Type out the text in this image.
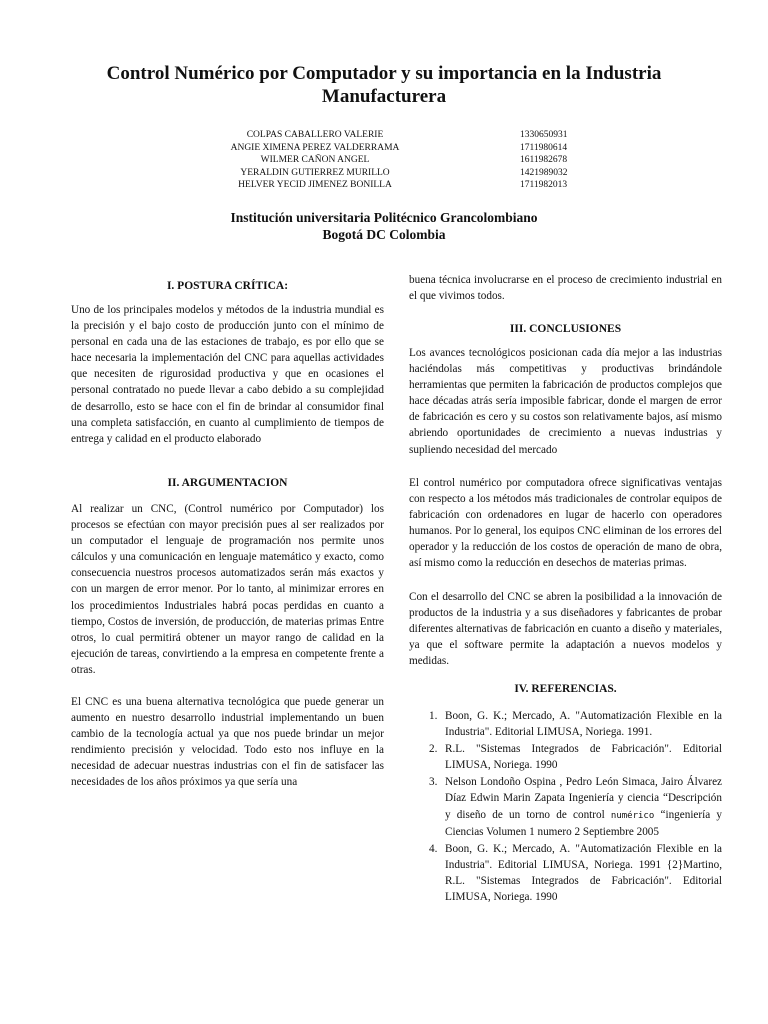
Control Numérico por Computador y su importancia en la Industria Manufacturera
COLPAS CABALLERO VALERIE	1330650931
ANGIE XIMENA PEREZ VALDERRAMA	1711980614
WILMER CAÑON ANGEL	1611982678
YERALDIN GUTIERREZ MURILLO	1421989032
HELVER YECID JIMENEZ BONILLA	1711982013
Institución universitaria Politécnico Grancolombiano
Bogotá DC Colombia
I. POSTURA CRÍTICA:

Uno de los principales modelos y métodos de la industria mundial es la precisión y el bajo costo de producción junto con el mínimo de personal en cada una de las estaciones de trabajo, es por ello que se hace necesaria la implementación del CNC para aquellas actividades que necesiten de rigurosidad productiva y que en ocasiones el personal contratado no puede llevar a cabo debido a su complejidad de desarrollo, esto se hace con el fin de brindar al consumidor final una completa satisfacción, en cuanto al cumplimiento de tiempos de entrega y calidad en el producto elaborado

II. ARGUMENTACION

Al realizar un CNC, (Control numérico por Computador) los procesos se efectúan con mayor precisión pues al ser realizados por un computador el lenguaje de programación nos permite unos cálculos y una comunicación en lenguaje matemático y exacto, como consecuencia nuestros procesos automatizados serán más exactos y con un margen de error menor. Por lo tanto, al minimizar errores en los procedimientos Industriales habrá pocas perdidas en cuanto a tiempo, Costos de inversión, de producción, de materias primas Entre otros, lo cual permitirá obtener un mayor rango de calidad en la ejecución de tareas, convirtiendo a la empresa en competente frente a otras.

El CNC es una buena alternativa tecnológica que puede generar un aumento en nuestro desarrollo industrial implementando un buen cambio de la tecnología actual ya que nos puede brindar un mejor rendimiento precisión y velocidad. Todo esto nos influye en la necesidad de adecuar nuestras industrias con el fin de satisfacer las necesidades de los años próximos ya que sería una

buena técnica involucrarse en el proceso de crecimiento industrial en el que vivimos todos.

III. CONCLUSIONES

Los avances tecnológicos posicionan cada día mejor a las industrias haciéndolas más competitivas y productivas brindándole herramientas que permiten la fabricación de productos complejos que hace décadas atrás sería imposible fabricar, donde el margen de error de fabricación es cero y su costos son relativamente bajos, así mismo abriendo oportunidades de crecimiento a nuevas industrias y supliendo necesidad del mercado

El control numérico por computadora ofrece significativas ventajas con respecto a los métodos más tradicionales de controlar equipos de fabricación con ordenadores en lugar de hacerlo con operadores humanos. Por lo general, los equipos CNC eliminan de los errores del operador y la reducción de los costos de operación de mano de obra, así mismo como la reducción en desechos de materias primas.

Con el desarrollo del CNC se abren la posibilidad a la innovación de productos de la industria y a sus diseñadores y fabricantes de probar diferentes alternativas de fabricación en cuanto a diseño y materiales, ya que el software permite la adaptación a nuevos modelos y medidas.

IV. REFERENCIAS.
1. Boon, G. K.; Mercado, A. "Automatización Flexible en la Industria". Editorial LIMUSA, Noriega. 1991.
2. R.L. "Sistemas Integrados de Fabricación". Editorial LIMUSA, Noriega. 1990
3. Nelson Londoño Ospina , Pedro León Simaca, Jairo Álvarez Díaz Edwin Marin Zapata Ingeniería y ciencia “Descripción y diseño de un torno de control numérico “ingeniería y Ciencias Volumen 1 numero 2 Septiembre 2005
4. Boon, G. K.; Mercado, A. "Automatización Flexible en la Industria". Editorial LIMUSA, Noriega. 1991 {2}Martino, R.L. "Sistemas Integrados de Fabricación". Editorial LIMUSA, Noriega. 1990
